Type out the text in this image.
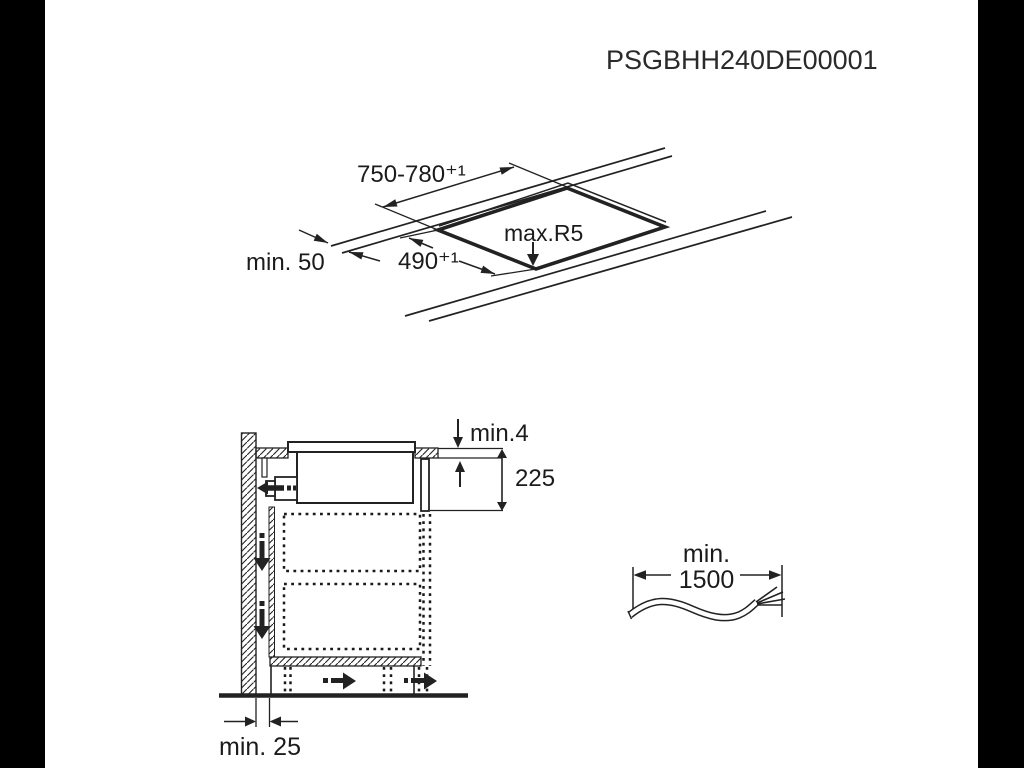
PSGBHH240DE00001
750-780⁺¹
min. 50	490⁺¹
max.R5
min.4
225
min. 25
min.
1500
